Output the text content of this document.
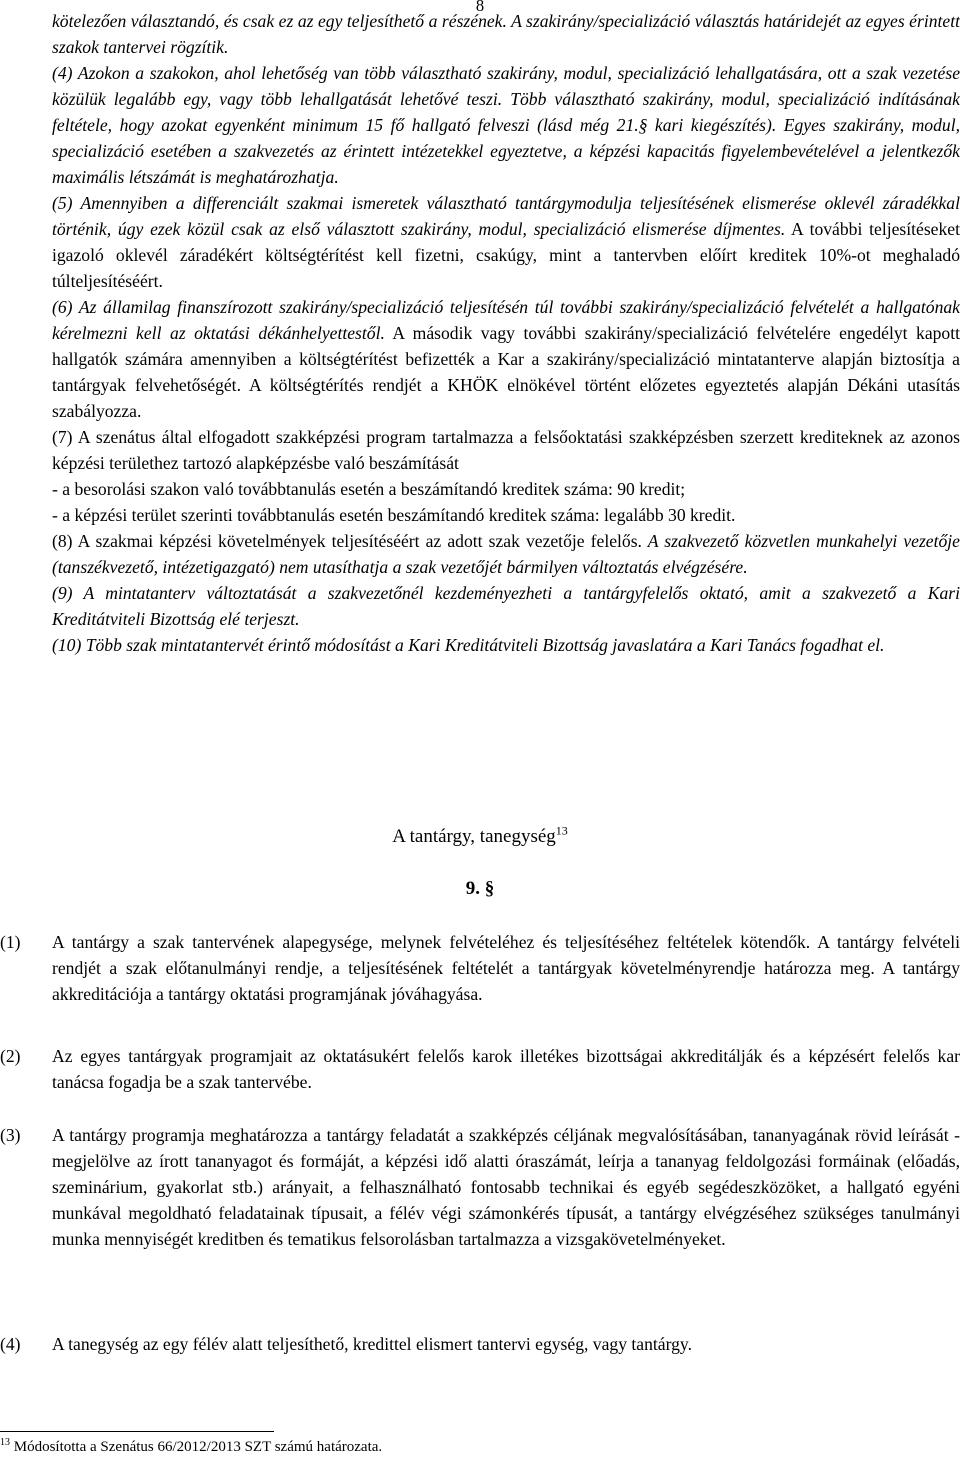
8

kötelezően választandó, és csak ez az egy teljesíthető a részének. A szakirány/specializáció választás határidejét az egyes érintett szakok tantervei rögzítik.

(4) Azokon a szakokon, ahol lehetőség van több választható szakirány, modul, specializáció lehallgatására, ott a szak vezetése közülük legalább egy, vagy több lehallgatását lehetővé teszi. Több választható szakirány, modul, specializáció indításának feltétele, hogy azokat egyenként minimum 15 fő hallgató felveszi (lásd még 21.§ kari kiegészítés). Egyes szakirány, modul, specializáció esetében a szakvezetés az érintett intézetekkel egyeztetve, a képzési kapacitás figyelembevételével a jelentkezők maximális létszámát is meghatározhatja.

(5) Amennyiben a differenciált szakmai ismeretek választható tantárgymodulja teljesítésének elismerése oklevél záradékkal történik, úgy ezek közül csak az első választott szakirány, modul, specializáció elismerése díjmentes. A további teljesítéseket igazoló oklevél záradékért költségtérítést kell fizetni, csakúgy, mint a tantervben előírt kreditek 10%-ot meghaladó túlteljesítéséért.

(6) Az államilag finanszírozott szakirány/specializáció teljesítésén túl további szakirány/specializáció felvételét a hallgatónak kérelmezni kell az oktatási dékánhelyettestől. A második vagy további szakirány/specializáció felvételére engedélyt kapott hallgatók számára amennyiben a költségtérítést befizették a Kar a szakirány/specializáció mintatanterve alapján biztosítja a tantárgyak felvehetőségét. A költségtérítés rendjét a KHÖK elnökével történt előzetes egyeztetés alapján Dékáni utasítás szabályozza.

(7) A szenátus által elfogadott szakképzési program tartalmazza a felsőoktatási szakképzésben szerzett krediteknek az azonos képzési területhez tartozó alapképzésbe való beszámítását

- a besorolási szakon való továbbtanulás esetén a beszámítandó kreditek száma: 90 kredit;

- a képzési terület szerinti továbbtanulás esetén beszámítandó kreditek száma: legalább 30 kredit.

(8) A szakmai képzési követelmények teljesítéséért az adott szak vezetője felelős. A szakvezető közvetlen munkahelyi vezetője (tanszékvezető, intézetigazgató) nem utasíthatja a szak vezetőjét bármilyen változtatás elvégzésére.

(9) A mintatanterv változtatását a szakvezetőnél kezdeményezheti a tantárgyfelelős oktató, amit a szakvezető a Kari Kreditátviteli Bizottság elé terjeszt.

(10) Több szak mintatantervét érintő módosítást a Kari Kreditátviteli Bizottság javaslatára a Kari Tanács fogadhat el.

A tantárgy, tanegység$^{13}$
9. §
(1) A tantárgy a szak tantervének alapegysége, melynek felvételéhez és teljesítéséhez feltételek kötendők. A tantárgy felvételi rendjét a szak előtanulmányi rendje, a teljesítésének feltételét a tantárgyak követelményrendje határozza meg. A tantárgy akkreditációja a tantárgy oktatási programjának jóváhagyása.
(2) Az egyes tantárgyak programjait az oktatásukért felelős karok illetékes bizottságai akkreditálják és a képzésért felelős kar tanácsa fogadja be a szak tantervébe.
(3) A tantárgy programja meghatározza a tantárgy feladatát a szakképzés céljának megvalósításában, tananyagának rövid leírását - megjelölve az írott tananyagot és formáját, a képzési idő alatti óraszámát, leírja a tananyag feldolgozási formáinak (előadás, szeminárium, gyakorlat stb.) arányait, a felhasználható fontosabb technikai és egyéb segédeszközöket, a hallgató egyéni munkával megoldható feladatainak típusait, a félév végi számonkérés típusát, a tantárgy elvégzéséhez szükséges tanulmányi munka mennyiségét kreditben és tematikus felsorolásban tartalmazza a vizsgakövetelményeket.
(4) A tanegység az egy félév alatt teljesíthető, kredittel elismert tantervi egység, vagy tantárgy.
$^{13}$ Módosította a Szenátus 66/2012/2013 SZT számú határozata.
